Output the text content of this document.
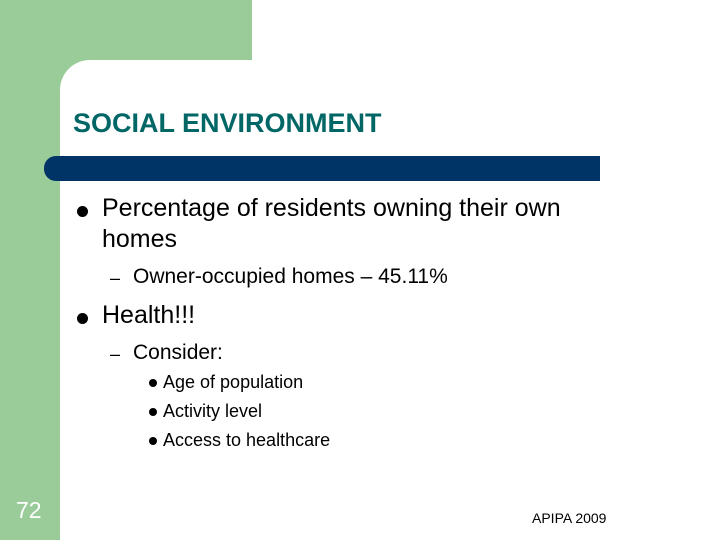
SOCIAL ENVIRONMENT
Percentage of residents owning their own
homes
– Owner-occupied homes – 45.11%
Health!!!
– Consider:
Age of population
Activity level
Access to healthcare
72	APIPA 2009
